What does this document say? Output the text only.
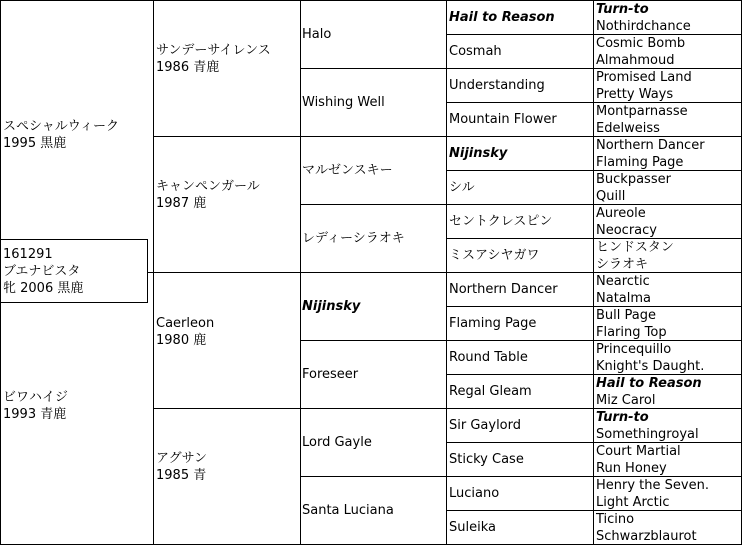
161291
ブエナビスタ
牝 2006 黒鹿
スペシャルウィーク
1995 黒鹿
ビワハイジ
1993 青鹿
サンデーサイレンス
1986 青鹿
キャンペンガール
1987 鹿
Caerleon
1980 鹿
アグサン
1985 青
Halo
Wishing Well
マルゼンスキー
レディーシラオキ
Nijinsky
Foreseer
Lord Gayle
Santa Luciana
Hail to Reason
Cosmah
Understanding
Mountain Flower
Nijinsky
シル
セントクレスピン
ミスアシヤガワ
Northern Dancer
Flaming Page
Round Table
Regal Gleam
Sir Gaylord
Sticky Case
Luciano
Suleika
Turn-to
Nothirdchance
Cosmic Bomb
Almahmoud
Promised Land
Pretty Ways
Montparnasse
Edelweiss
Northern Dancer
Flaming Page
Buckpasser
Quill
Aureole
Neocracy
ヒンドスタン
シラオキ
Nearctic
Natalma
Bull Page
Flaring Top
Princequillo
Knight's Daught.
Hail to Reason
Miz Carol
Turn-to
Somethingroyal
Court Martial
Run Honey
Henry the Seven.
Light Arctic
Ticino
Schwarzblaurot
